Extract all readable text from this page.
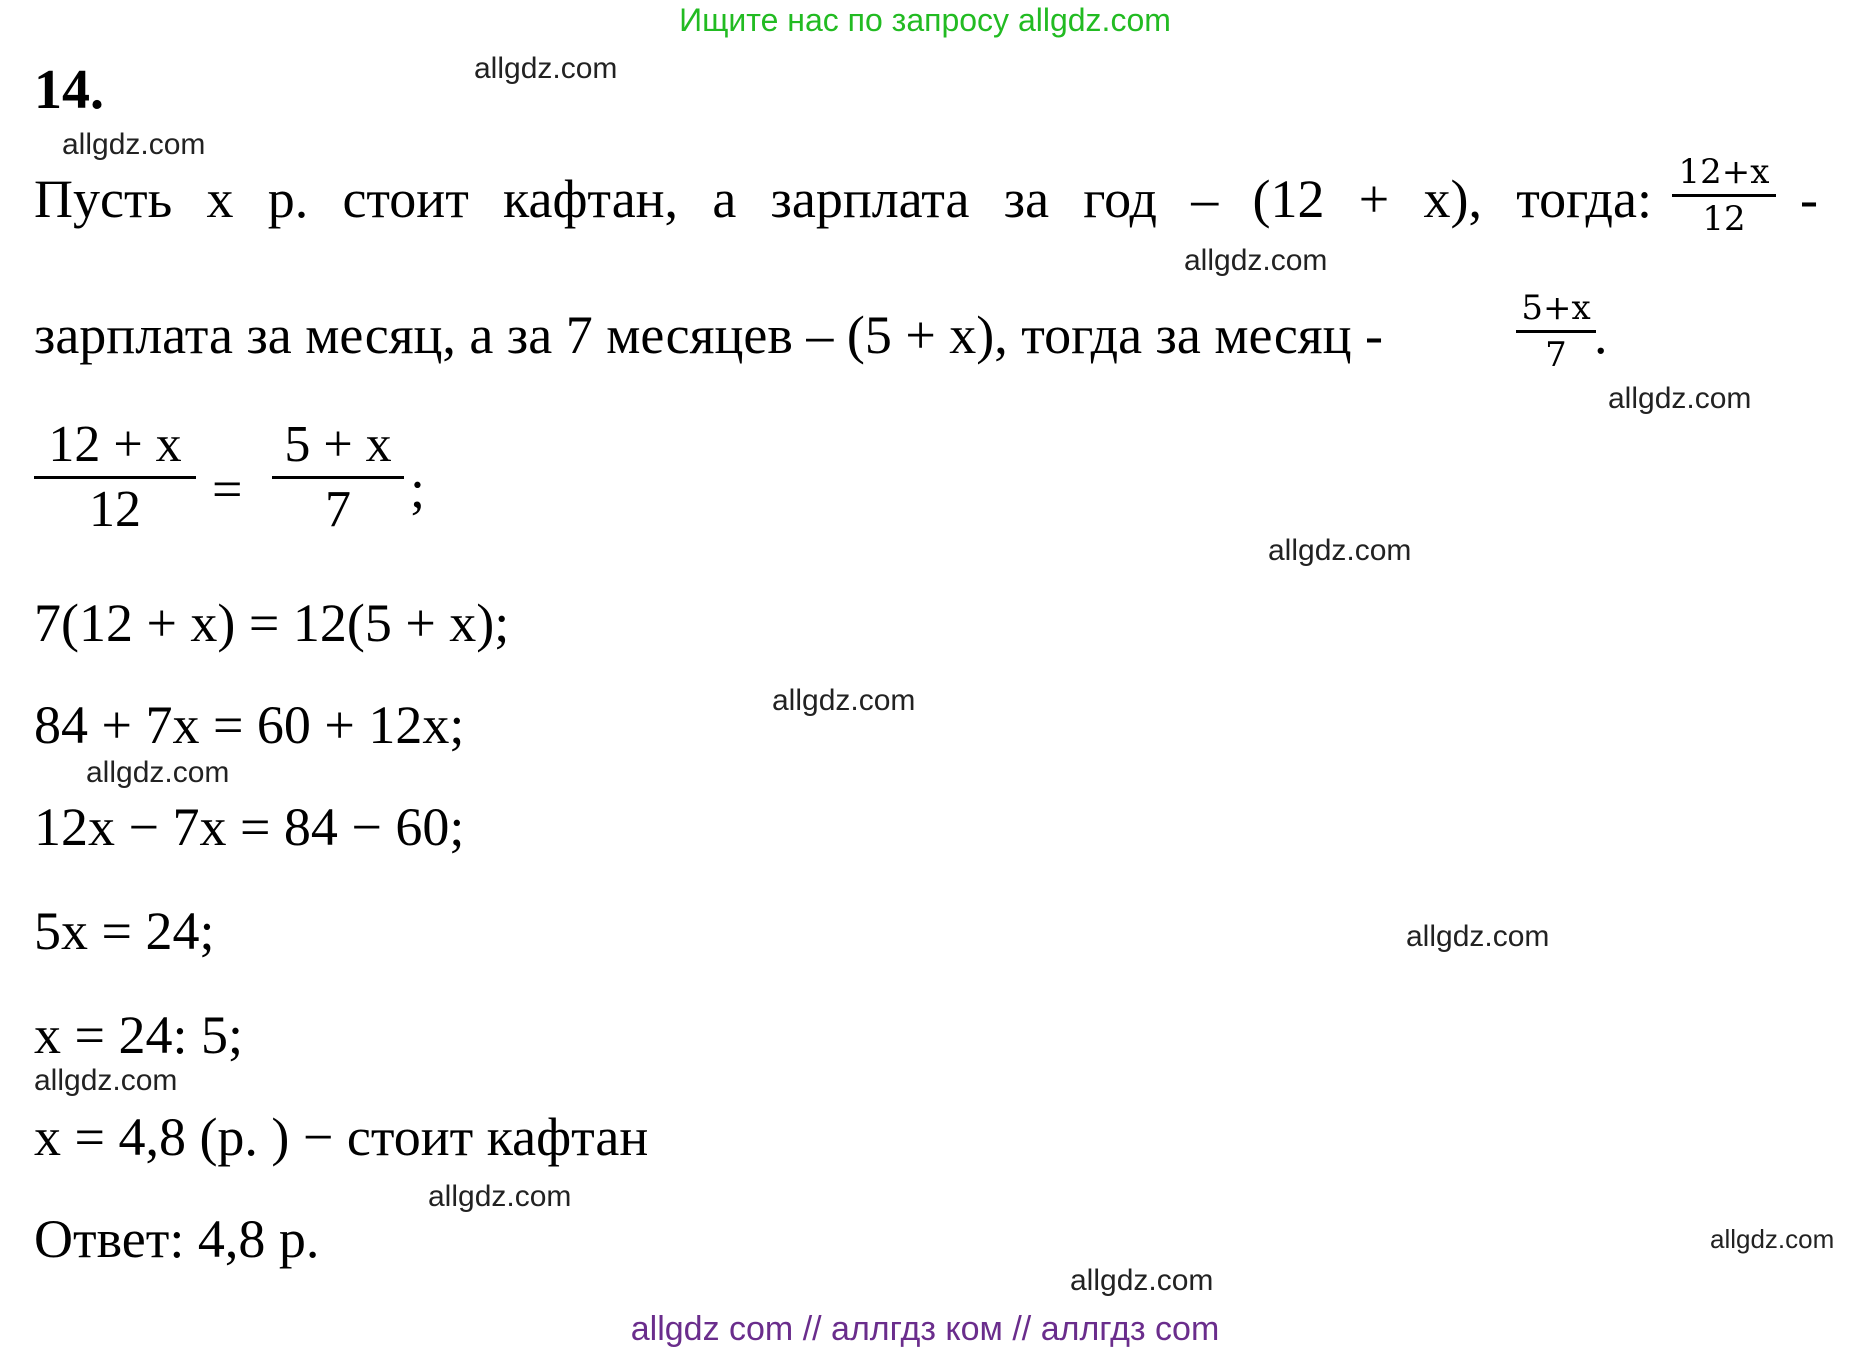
Ищите нас по запросу allgdz.com
14.	allgdz.com
allgdz.com
allgdz.com
allgdz.com
allgdz.com
allgdz.com
allgdz.com
allgdz.com
allgdz.com
allgdz.com
allgdz.com
allgdz.com
Пусть x р. стоит кафтан, а зарплата за год – (12 + x), тогда: 12+x
12 -
зарплата за месяц, а за 7 месяцев – (5 + x), тогда за месяц -	5+x
7 .
12 + x
12 =
5 + x
7 ;
7(12 + x) = 12(5 + x);
84 + 7x = 60 + 12x;
12x − 7x = 84 − 60;
5x = 24;
x = 24: 5;
x = 4,8 (р. ) − стоит кафтан
Ответ: 4,8 р.
allgdz com // аллгдз ком // аллгдз com
